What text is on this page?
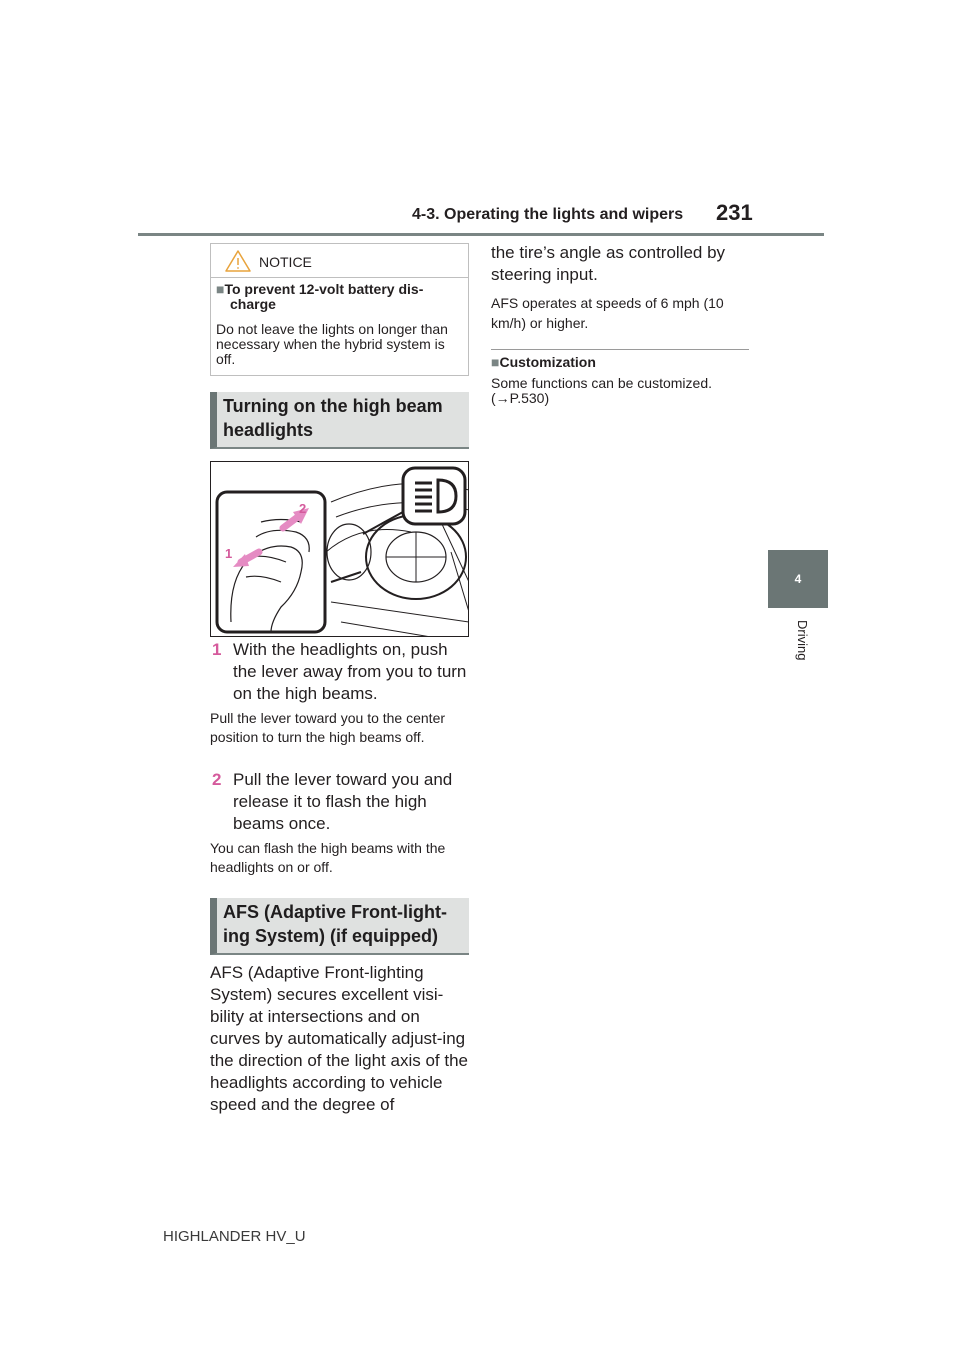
4-3. Operating the lights and wipers 231
4
Driving
NOTICE
■To prevent 12-volt battery dis-charge
Do not leave the lights on longer than necessary when the hybrid system is off.
Turning on the high beam headlights
1
2
1 With the headlights on, push the lever away from you to turn on the high beams.
Pull the lever toward you to the center position to turn the high beams off.
2 Pull the lever toward you and release it to flash the high beams once.
You can flash the high beams with the headlights on or off.
AFS (Adaptive Front-light-ing System) (if equipped)
AFS (Adaptive Front-lighting System) secures excellent visi-bility at intersections and on curves by automatically adjust-ing the direction of the light axis of the headlights according to vehicle speed and the degree of
the tire’s angle as controlled by steering input.
AFS operates at speeds of 6 mph (10 km/h) or higher.
■Customization
Some functions can be customized. (→P.530)
HIGHLANDER HV_U
